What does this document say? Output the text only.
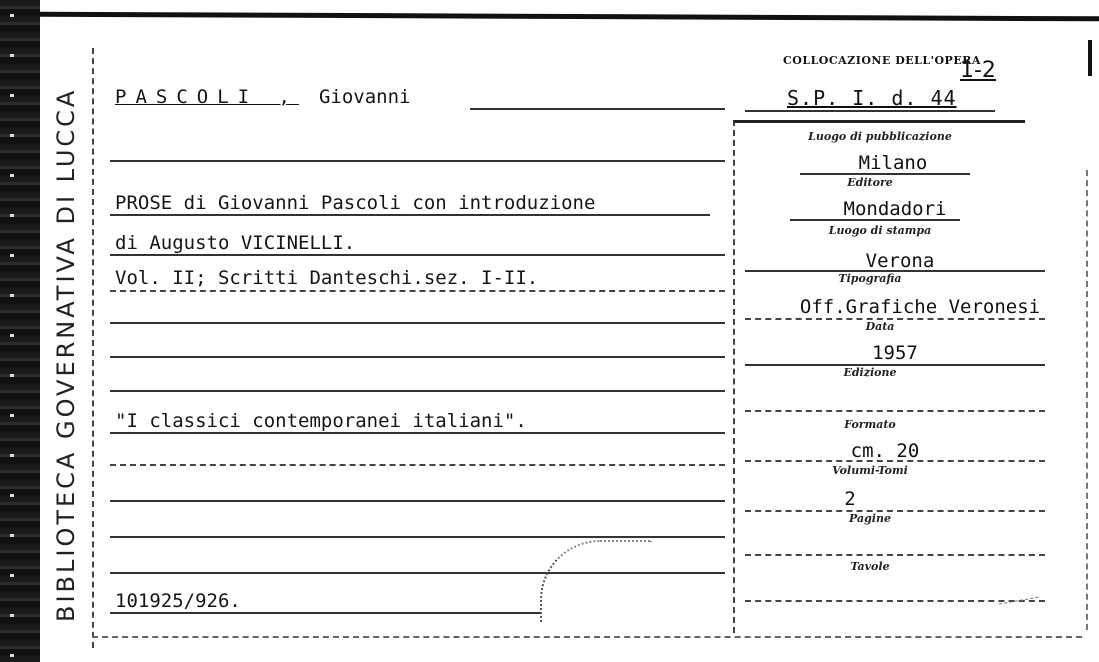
BIBLIOTECA GOVERNATIVA DI LUCCA	PASCOLI , Giovanni
COLLOCAZIONE DELL'OPERA
1-2
S.P. I. d. 44
PROSE di Giovanni Pascoli con introduzione
di Augusto VICINELLI.
Vol. II; Scritti Danteschi.sez. I-II.
"I classici contemporanei italiani".
101925/926.
Luogo di pubblicazione
Milano
Editore
Mondadori
Luogo di stampa
Verona
Tipografia
Off.Grafiche Veronesi
Data
1957
Edizione
Formato
cm. 20
Volumi-Tomi
2
Pagine
Tavole
